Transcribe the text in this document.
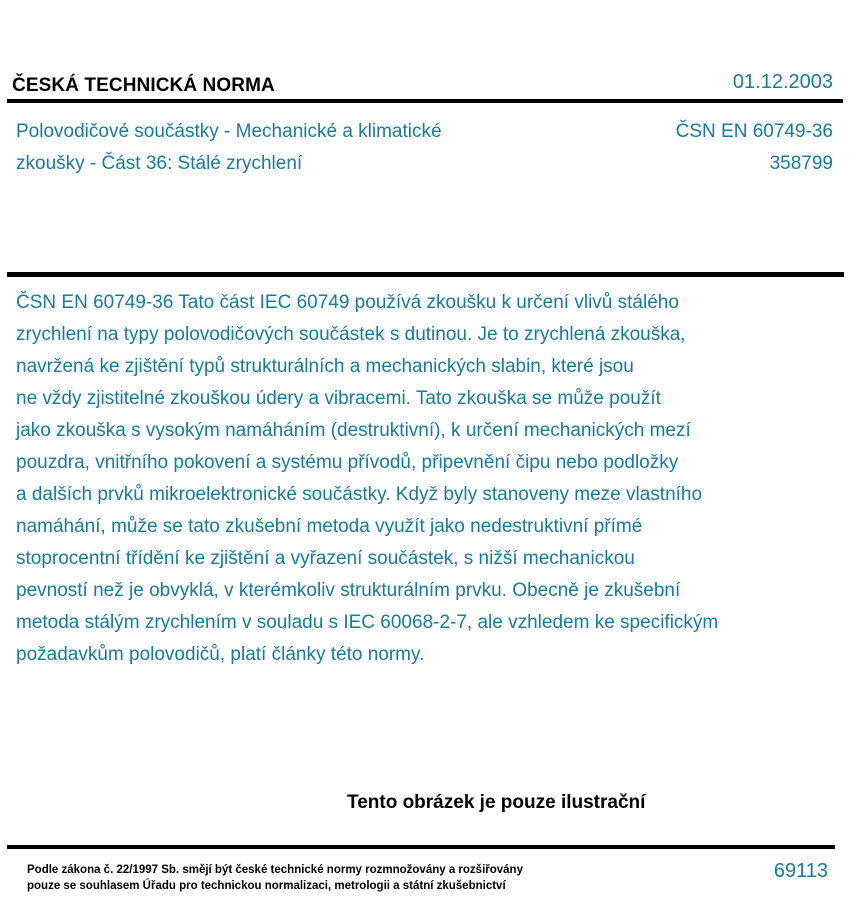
ČESKÁ TECHNICKÁ NORMA	01.12.2003
Polovodičové součástky - Mechanické a klimatické
zkoušky - Část 36: Stálé zrychlení
ČSN EN 60749-36
358799
ČSN EN 60749-36 Tato část IEC 60749 používá zkoušku k určení vlivů stálého
zrychlení na typy polovodičových součástek s dutinou. Je to zrychlená zkouška,
navržená ke zjištění typů strukturálních a mechanických slabin, které jsou
ne vždy zjistitelné zkouškou údery a vibracemi. Tato zkouška se může použít
jako zkouška s vysokým namáháním (destruktivní), k určení mechanických mezí
pouzdra, vnitřního pokovení a systému přívodů, připevnění čipu nebo podložky
a dalších prvků mikroelektronické součástky. Když byly stanoveny meze vlastního
namáhání, může se tato zkušební metoda využít jako nedestruktivní přímé
stoprocentní třídění ke zjištění a vyřazení součástek, s nižší mechanickou
pevností než je obvyklá, v kterémkoliv strukturálním prvku. Obecně je zkušební
metoda stálým zrychlením v souladu s IEC 60068-2-7, ale vzhledem ke specifickým
požadavkům polovodičů, platí články této normy.
Tento obrázek je pouze ilustrační
Podle zákona č. 22/1997 Sb. smějí být české technické normy rozmnožovány a rozšiřovány
pouze se souhlasem Úřadu pro technickou normalizaci, metrologii a státní zkušebnictví
69113
